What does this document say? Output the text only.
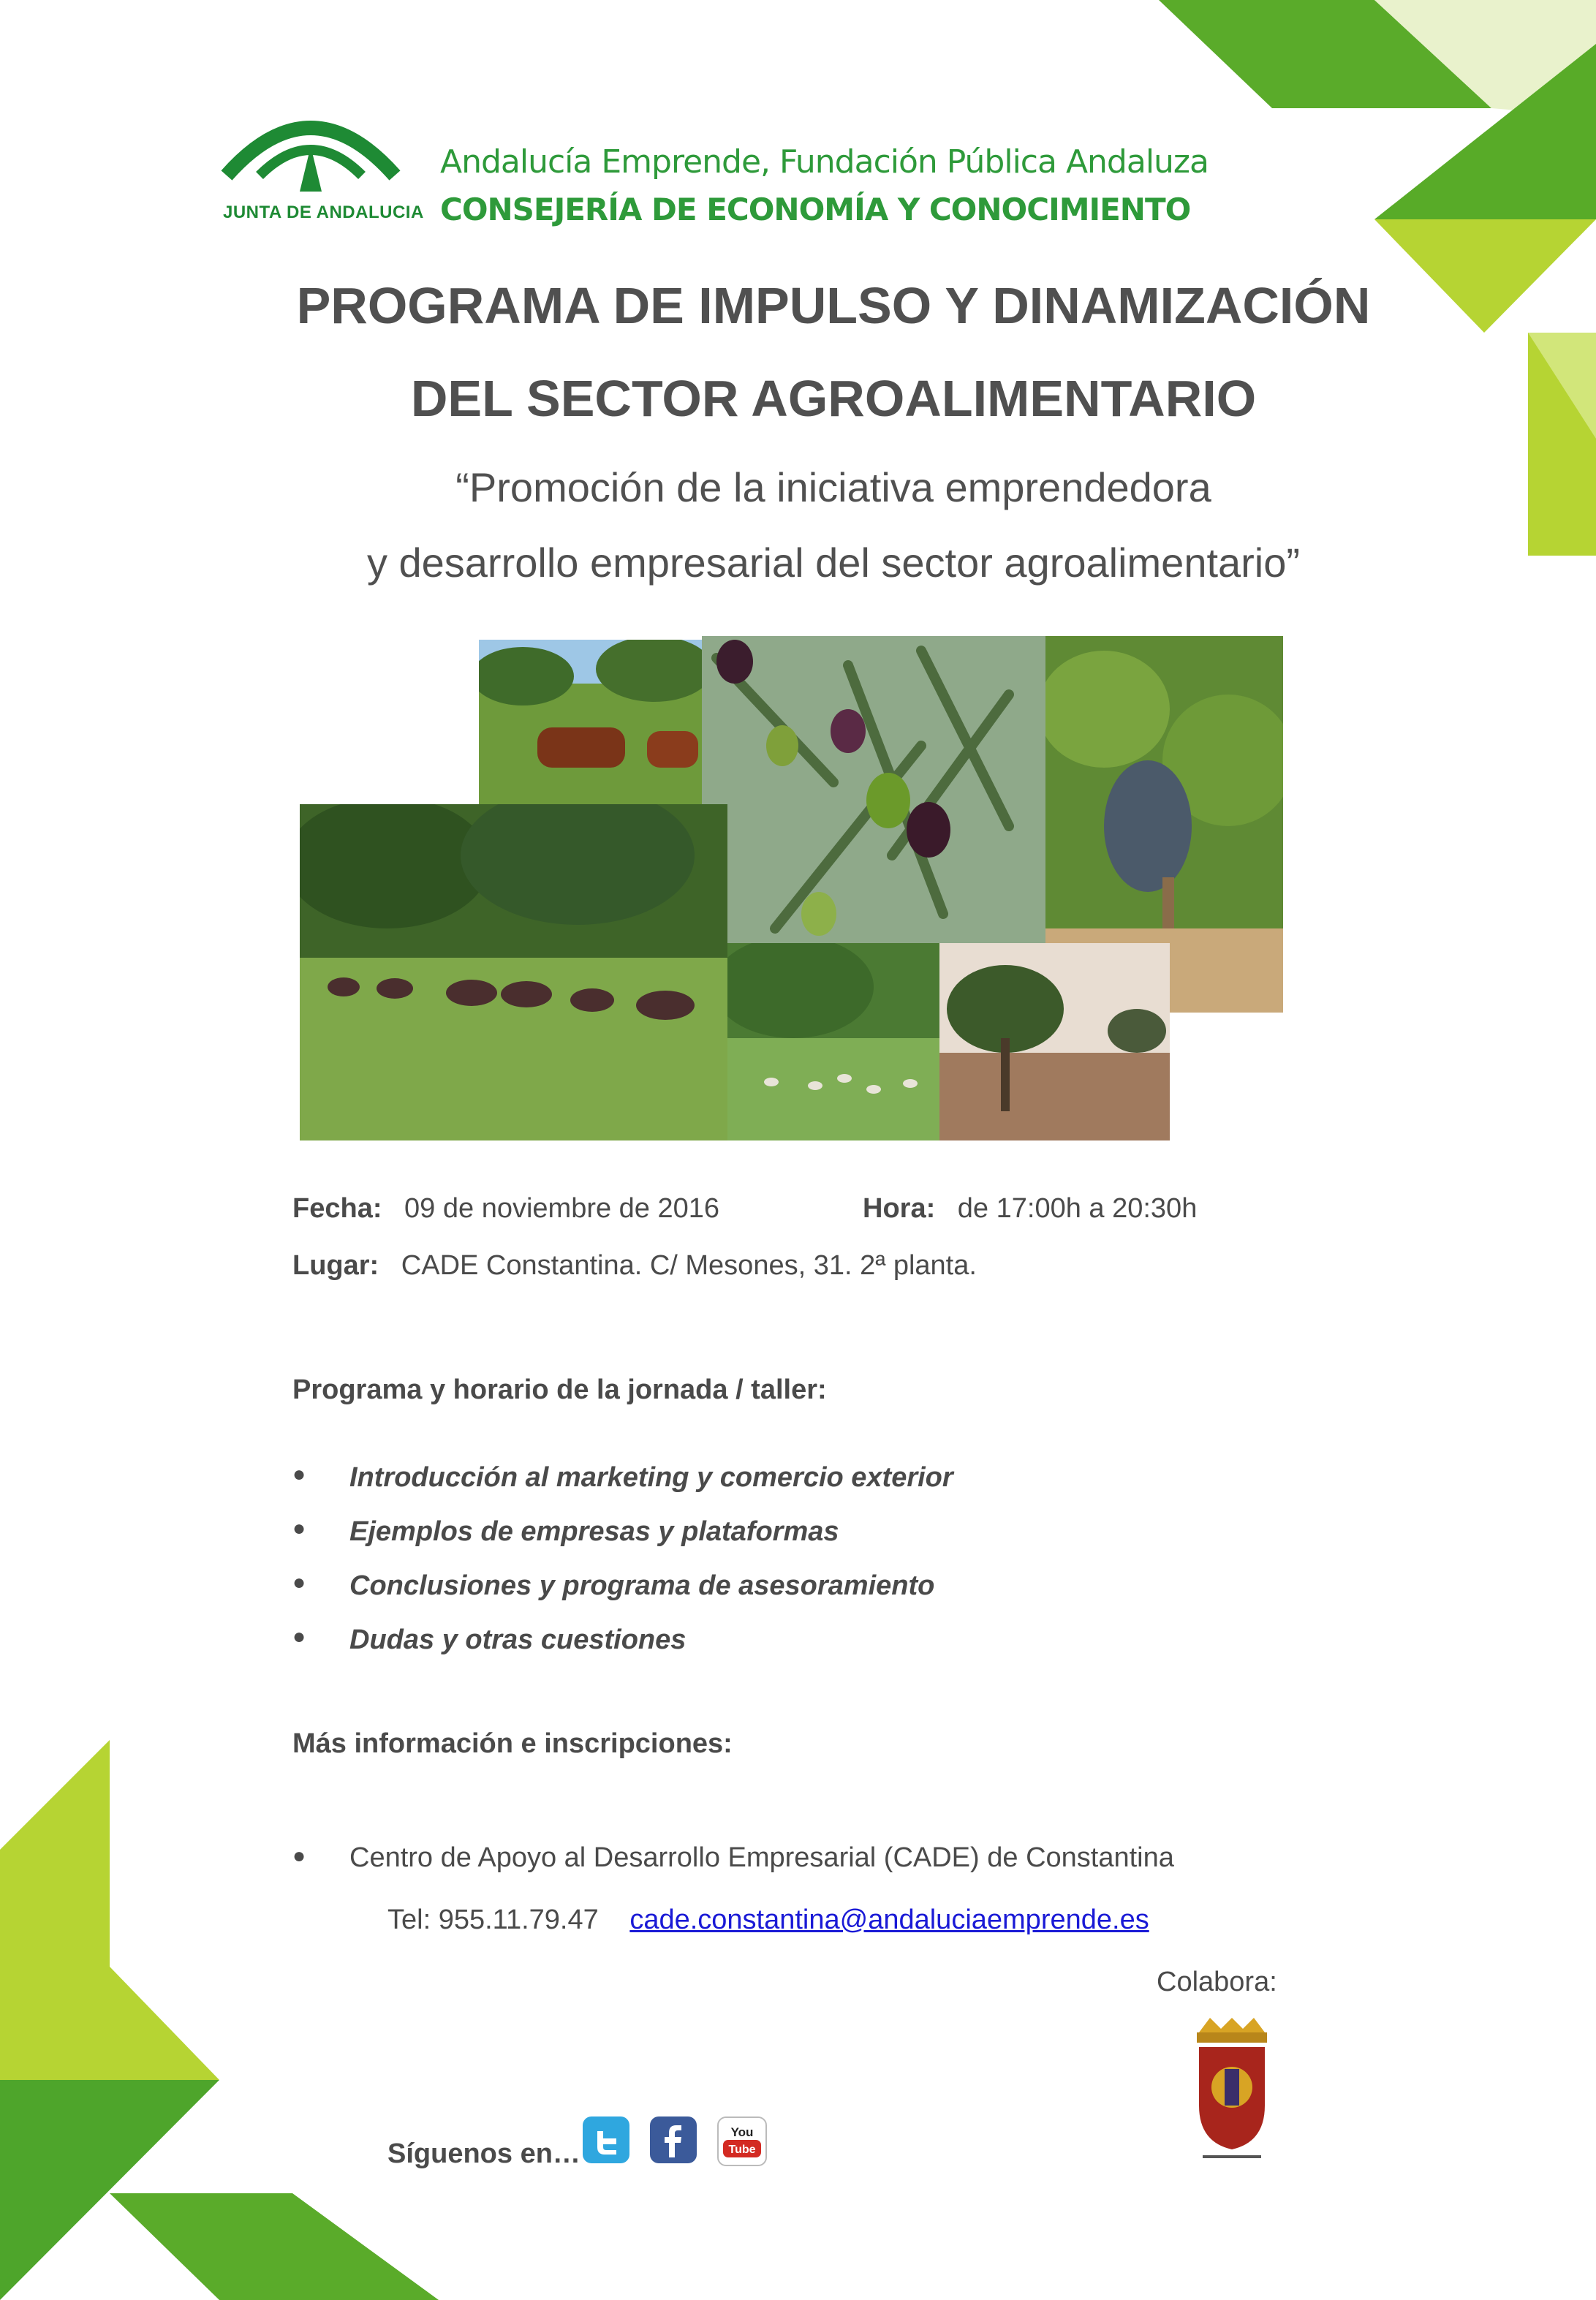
JUNTA DE ANDALUCIA
Andalucía Emprende, Fundación Pública Andaluza
CONSEJERÍA DE ECONOMÍA Y CONOCIMIENTO
PROGRAMA DE IMPULSO Y DINAMIZACIÓN
DEL SECTOR AGROALIMENTARIO
“Promoción de la iniciativa emprendedora
y desarrollo empresarial del sector agroalimentario”
Fecha: 09 de noviembre de 2016	Hora: de 17:00h a 20:30h
Lugar: CADE Constantina. C/ Mesones, 31. 2ª planta.
Programa y horario de la jornada / taller:
● Introducción al marketing y comercio exterior
● Ejemplos de empresas y plataformas
● Conclusiones y programa de asesoramiento
● Dudas y otras cuestiones
Más información e inscripciones:
● Centro de Apoyo al Desarrollo Empresarial (CADE) de Constantina
Tel: 955.11.79.47 cade.constantina@andaluciaemprende.es
Colabora:
Síguenos en…
You
Tube
